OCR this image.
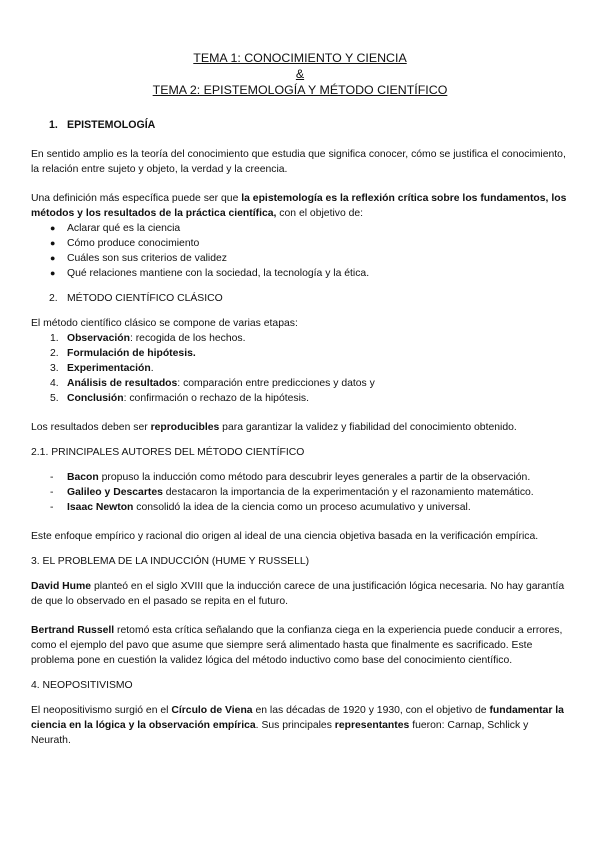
TEMA 1: CONOCIMIENTO Y CIENCIA

&

TEMA 2: EPISTEMOLOGÍA Y MÉTODO CIENTÍFICO

1. EPISTEMOLOGÍA

En sentido amplio es la teoría del conocimiento que estudia que significa conocer, cómo se justifica el conocimiento, la relación entre sujeto y objeto, la verdad y la creencia.

Una definición más específica puede ser que la epistemología es la reflexión crítica sobre los fundamentos, los métodos y los resultados de la práctica científica, con el objetivo de:

● Aclarar qué es la ciencia
● Cómo produce conocimiento
● Cuáles son sus criterios de validez
● Qué relaciones mantiene con la sociedad, la tecnología y la ética.

2. MÉTODO CIENTÍFICO CLÁSICO

El método científico clásico se compone de varias etapas:

1. Observación: recogida de los hechos.
2. Formulación de hipótesis.
3. Experimentación.
4. Análisis de resultados: comparación entre predicciones y datos y
5. Conclusión: confirmación o rechazo de la hipótesis.

Los resultados deben ser reproducibles para garantizar la validez y fiabilidad del conocimiento obtenido.

2.1. PRINCIPALES AUTORES DEL MÉTODO CIENTÍFICO

- Bacon propuso la inducción como método para descubrir leyes generales a partir de la observación.
- Galileo y Descartes destacaron la importancia de la experimentación y el razonamiento matemático.
- Isaac Newton consolidó la idea de la ciencia como un proceso acumulativo y universal.

Este enfoque empírico y racional dio origen al ideal de una ciencia objetiva basada en la verificación empírica.

3. EL PROBLEMA DE LA INDUCCIÓN (HUME Y RUSSELL)

David Hume planteó en el siglo XVIII que la inducción carece de una justificación lógica necesaria. No hay garantía de que lo observado en el pasado se repita en el futuro.

Bertrand Russell retomó esta crítica señalando que la confianza ciega en la experiencia puede conducir a errores, como el ejemplo del pavo que asume que siempre será alimentado hasta que finalmente es sacrificado. Este problema pone en cuestión la validez lógica del método inductivo como base del conocimiento científico.

4. NEOPOSITIVISMO

El neopositivismo surgió en el Círculo de Viena en las décadas de 1920 y 1930, con el objetivo de fundamentar la ciencia en la lógica y la observación empírica. Sus principales representantes fueron: Carnap, Schlick y Neurath.
